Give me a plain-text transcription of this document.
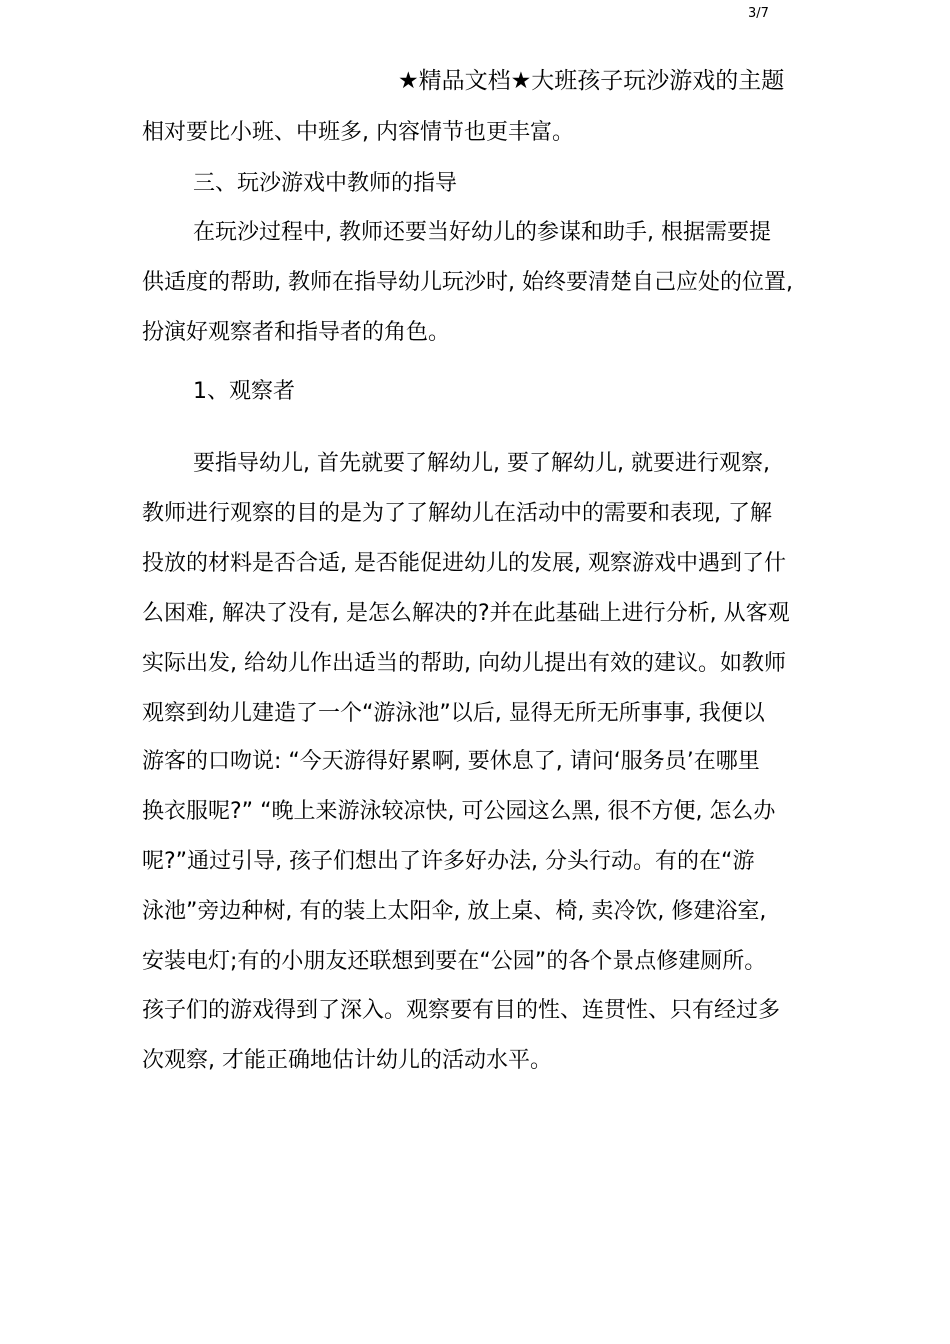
3/7
★精品文档★大班孩子玩沙游戏的主题
相对要比小班、中班多, 内容情节也更丰富。
三、玩沙游戏中教师的指导
在玩沙过程中, 教师还要当好幼儿的参谋和助手, 根据需要提
供适度的帮助, 教师在指导幼儿玩沙时, 始终要清楚自己应处的位置,
扮演好观察者和指导者的角色。
1、观察者
要指导幼儿, 首先就要了解幼儿, 要了解幼儿, 就要进行观察,
教师进行观察的目的是为了了解幼儿在活动中的需要和表现, 了解
投放的材料是否合适, 是否能促进幼儿的发展, 观察游戏中遇到了什
么困难, 解决了没有, 是怎么解决的?并在此基础上进行分析, 从客观
实际出发, 给幼儿作出适当的帮助, 向幼儿提出有效的建议。如教师
观察到幼儿建造了一个“游泳池”以后, 显得无所无所事事, 我便以
游客的口吻说: “今天游得好累啊, 要休息了, 请问‘服务员’在哪里
换衣服呢?” “晚上来游泳较凉快, 可公园这么黑, 很不方便, 怎么办
呢?”通过引导, 孩子们想出了许多好办法, 分头行动。有的在“游
泳池”旁边种树, 有的装上太阳伞, 放上桌、椅, 卖冷饮, 修建浴室,
安装电灯;有的小朋友还联想到要在“公园”的各个景点修建厕所。
孩子们的游戏得到了深入。观察要有目的性、连贯性、只有经过多
次观察, 才能正确地估计幼儿的活动水平。
